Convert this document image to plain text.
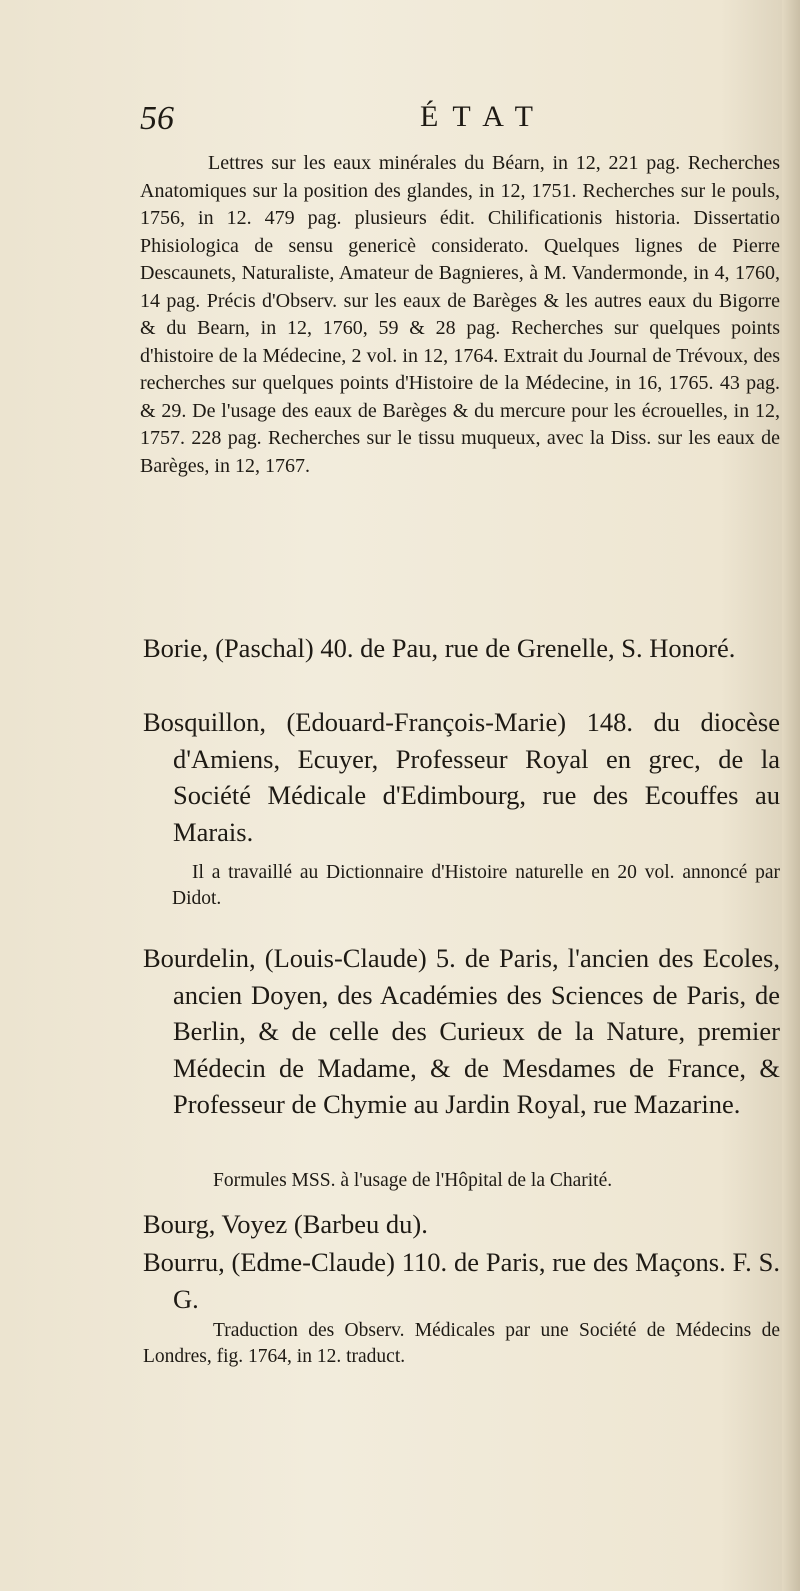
56	ÉTAT

Lettres sur les eaux minérales du Béarn, in 12, 221 pag. Recherches Anatomiques sur la position des glandes, in 12, 1751. Recherches sur le pouls, 1756, in 12. 479 pag. plusieurs édit. Chilificationis historia. Dissertatio Phisiologica de sensu genericè considerato. Quelques lignes de Pierre Descaunets, Naturaliste, Amateur de Bagnieres, à M. Vandermonde, in 4, 1760, 14 pag. Précis d'Observ. sur les eaux de Barèges & les autres eaux du Bigorre & du Bearn, in 12, 1760, 59 & 28 pag. Recherches sur quelques points d'histoire de la Médecine, 2 vol. in 12, 1764. Extrait du Journal de Trévoux, des recherches sur quelques points d'Histoire de la Médecine, in 16, 1765. 43 pag. & 29. De l'usage des eaux de Barèges & du mercure pour les écrouelles, in 12, 1757. 228 pag. Recherches sur le tissu muqueux, avec la Diss. sur les eaux de Barèges, in 12, 1767.

Borie, (Paschal) 40. de Pau, rue de Grenelle, S. Honoré.

Bosquillon, (Edouard-François-Marie) 148. du diocèse d'Amiens, Ecuyer, Professeur Royal en grec, de la Société Médicale d'Edimbourg, rue des Ecouffes au Marais.

Il a travaillé au Dictionnaire d'Histoire naturelle en 20 vol. annoncé par Didot.

Bourdelin, (Louis-Claude) 5. de Paris, l'ancien des Ecoles, ancien Doyen, des Académies des Sciences de Paris, de Berlin, & de celle des Curieux de la Nature, premier Médecin de Madame, & de Mesdames de France, & Professeur de Chymie au Jardin Royal, rue Mazarine.

Formules MSS. à l'usage de l'Hôpital de la Charité.

Bourg, Voyez (Barbeu du).

Bourru, (Edme-Claude) 110. de Paris, rue des Maçons. F. S. G.

Traduction des Observ. Médicales par une Société de Médecins de Londres, fig. 1764, in 12. traduct.
